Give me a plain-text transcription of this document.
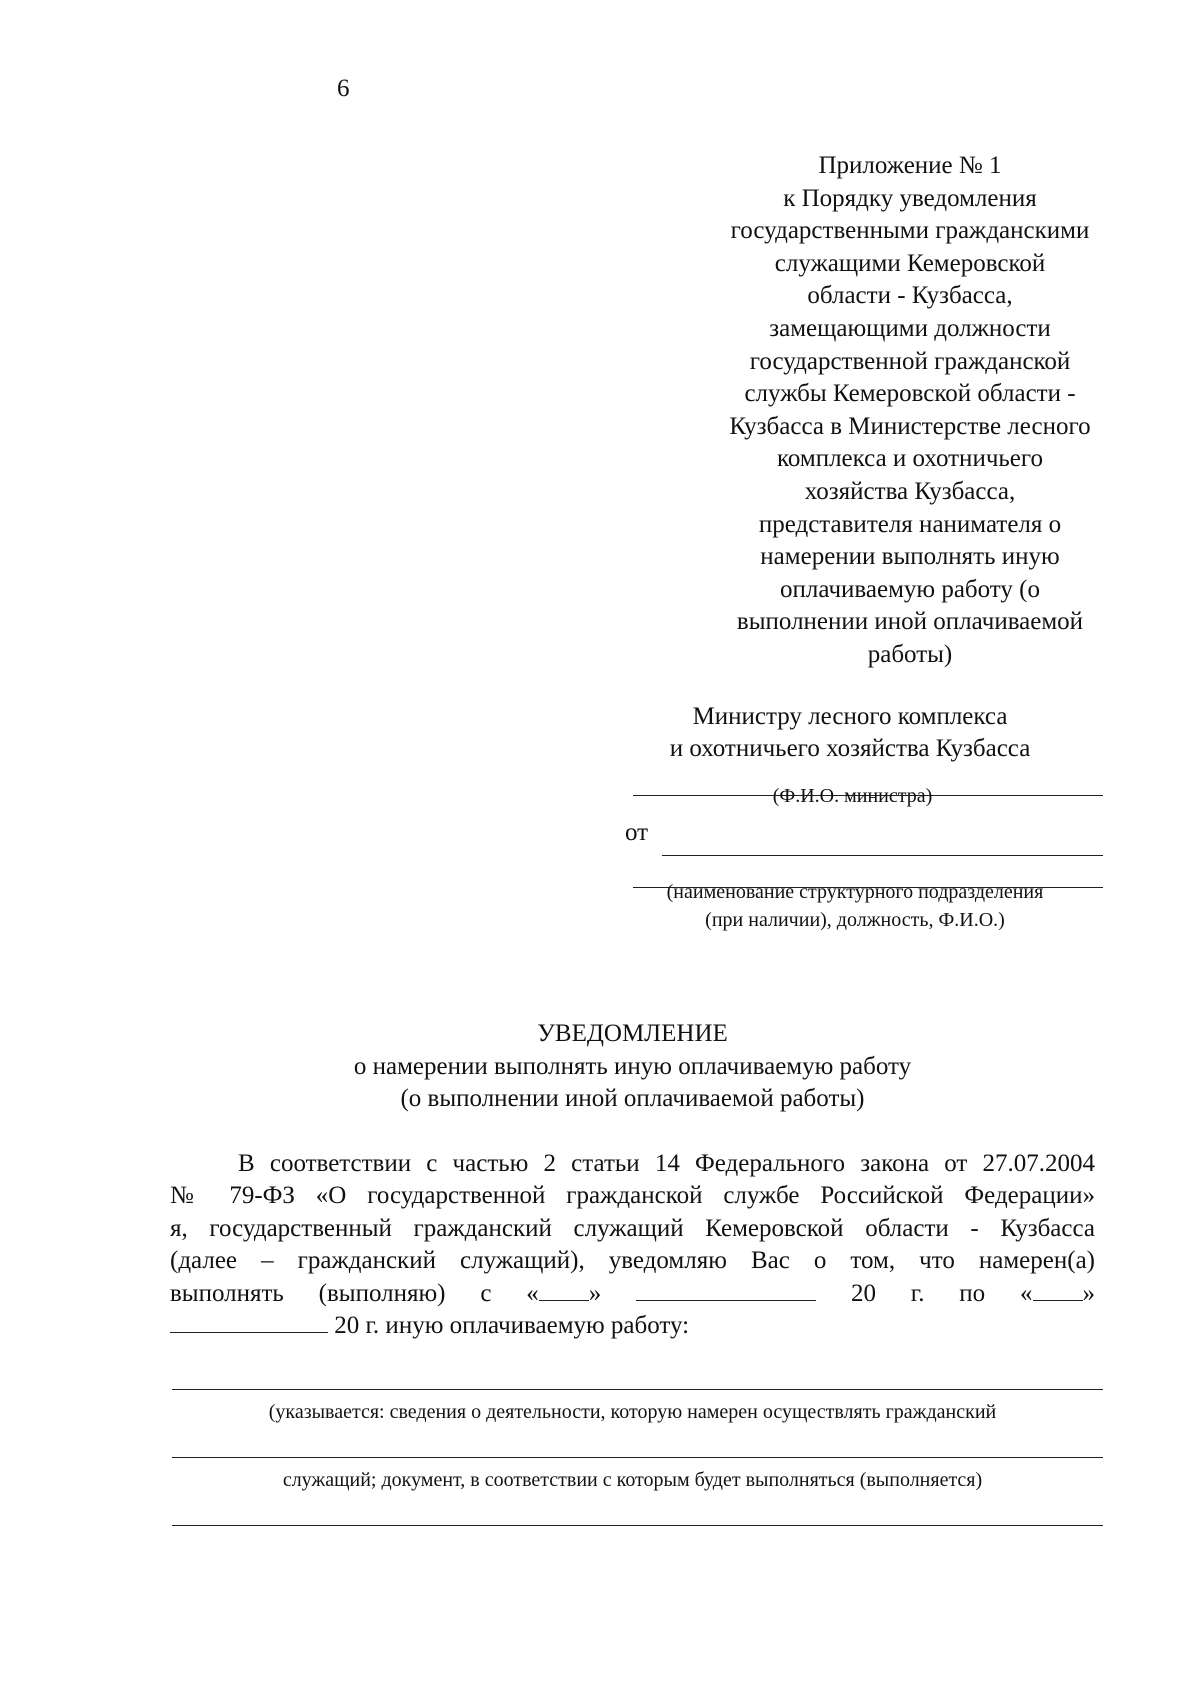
6
Приложение № 1
к Порядку уведомления
государственными гражданскими
служащими Кемеровской
области - Кузбасса,
замещающими должности
государственной гражданской
службы Кемеровской области -
Кузбасса в Министерстве лесного
комплекса и охотничьего
хозяйства Кузбасса,
представителя нанимателя о
намерении выполнять иную
оплачиваемую работу (о
выполнении иной оплачиваемой
работы)
Министру лесного комплекса
и охотничьего хозяйства Кузбасса
(Ф.И.О. министра)
от
(наименование структурного подразделения
(при наличии), должность, Ф.И.О.)
УВЕДОМЛЕНИЕ
о намерении выполнять иную оплачиваемую работу
(о выполнении иной оплачиваемой работы)
В соответствии с частью 2 статьи 14 Федерального закона от 27.07.2004
№ 79-ФЗ «О государственной гражданской службе Российской Федерации»
я, государственный гражданский служащий Кемеровской области - Кузбасса
(далее – гражданский служащий), уведомляю Вас о том, что намерен(а)
выполнять (выполняю) с « »	20 г. по « »
20 г. иную оплачиваемую работу:
(указывается: сведения о деятельности, которую намерен осуществлять гражданский
служащий; документ, в соответствии с которым будет выполняться (выполняется)
